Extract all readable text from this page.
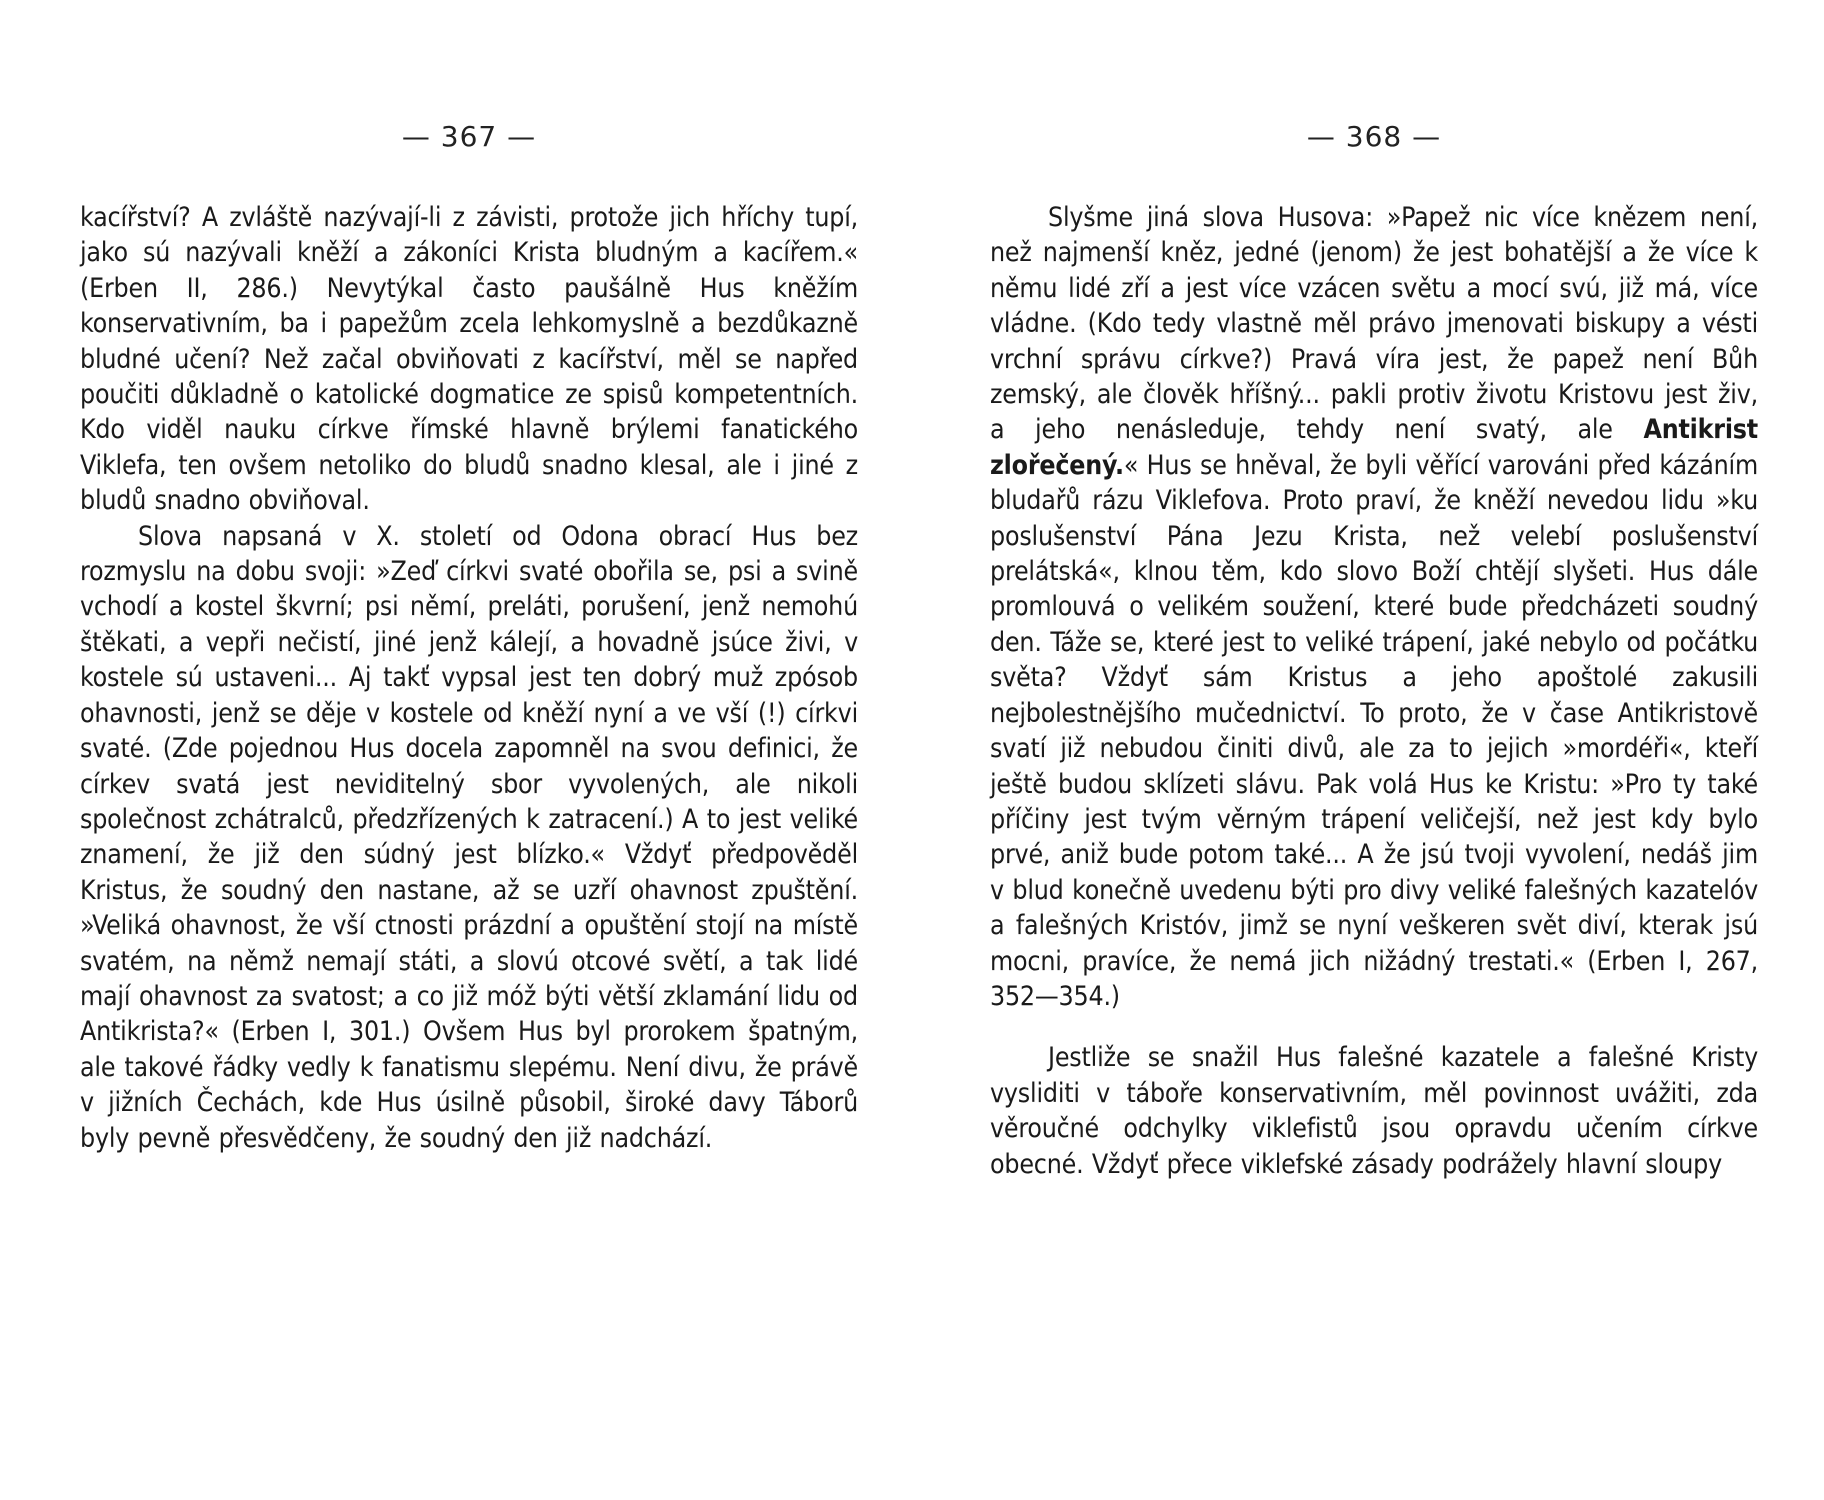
— 367 —

kacířství? A zvláště nazývají-li z závisti, protože jich hříchy tupí, jako sú nazývali kněží a zákoníci Krista bludným a kacířem.« (Erben II, 286.) Nevytýkal často paušálně Hus kněžím konservativním, ba i papežům zcela lehkomyslně a bezdůkazně bludné učení? Než začal obviňovati z kacířství, měl se napřed poučiti důkladně o katolické dogmatice ze spisů kompetentních. Kdo viděl nauku církve římské hlavně brýlemi fanatického Viklefa, ten ovšem netoliko do bludů snadno klesal, ale i jiné z bludů snadno obviňoval.

Slova napsaná v X. století od Odona obrací Hus bez rozmyslu na dobu svoji: »Zeď církvi svaté obořila se, psi a svině vchodí a kostel škvrní; psi němí, preláti, porušení, jenž nemohú štěkati, a vepři nečistí, jiné jenž kálejí, a hovadně jsúce živi, v kostele sú ustaveni... Aj takť vypsal jest ten dobrý muž zpósob ohavnosti, jenž se děje v kostele od kněží nyní a ve vší (!) církvi svaté. (Zde pojednou Hus docela zapomněl na svou definici, že církev svatá jest neviditelný sbor vyvolených, ale nikoli společnost zchátralců, předzřízených k zatracení.) A to jest veliké znamení, že již den súdný jest blízko.« Vždyť předpověděl Kristus, že soudný den nastane, až se uzří ohavnost zpuštění. »Veliká ohavnost, že vší ctnosti prázdní a opuštění stojí na místě svatém, na němž nemají státi, a slovú otcové světí, a tak lidé mají ohavnost za svatost; a co již móž býti větší zklamání lidu od Antikrista?« (Erben I, 301.) Ovšem Hus byl prorokem špatným, ale takové řádky vedly k fanatismu slepému. Není divu, že právě v jižních Čechách, kde Hus úsilně působil, široké davy Táborů byly pevně přesvědčeny, že soudný den již nadchází.

— 368 —

Slyšme jiná slova Husova: »Papež nic více knězem není, než najmenší kněz, jedné (jenom) že jest bohatější a že více k němu lidé zří a jest více vzácen světu a mocí svú, již má, více vládne. (Kdo tedy vlastně měl právo jmenovati biskupy a vésti vrchní správu církve?) Pravá víra jest, že papež není Bůh zemský, ale člověk hříšný... pakli protiv životu Kristovu jest živ, a jeho nenásleduje, tehdy není svatý, ale Antikrist zlořečený.« Hus se hněval, že byli věřící varováni před kázáním bludařů rázu Viklefova. Proto praví, že kněží nevedou lidu »ku poslušenství Pána Jezu Krista, než velebí poslušenství prelátská«, klnou těm, kdo slovo Boží chtějí slyšeti. Hus dále promlouvá o velikém soužení, které bude předcházeti soudný den. Táže se, které jest to veliké trápení, jaké nebylo od počátku světa? Vždyť sám Kristus a jeho apoštolé zakusili nejbolestnějšího mučednictví. To proto, že v čase Antikristově svatí již nebudou činiti divů, ale za to jejich »mordéři«, kteří ještě budou sklízeti slávu. Pak volá Hus ke Kristu: »Pro ty také příčiny jest tvým věrným trápení veličejší, než jest kdy bylo prvé, aniž bude potom také... A že jsú tvoji vyvolení, nedáš jim v blud konečně uvedenu býti pro divy veliké falešných kazatelóv a falešných Kristóv, jimž se nyní veškeren svět diví, kterak jsú mocni, pravíce, že nemá jich nižádný trestati.« (Erben I, 267, 352—354.)

Jestliže se snažil Hus falešné kazatele a falešné Kristy vysliditi v táboře konservativním, měl povinnost uvážiti, zda věroučné odchylky viklefistů jsou opravdu učením církve obecné. Vždyť přece viklefské zásady podrážely hlavní sloupy
